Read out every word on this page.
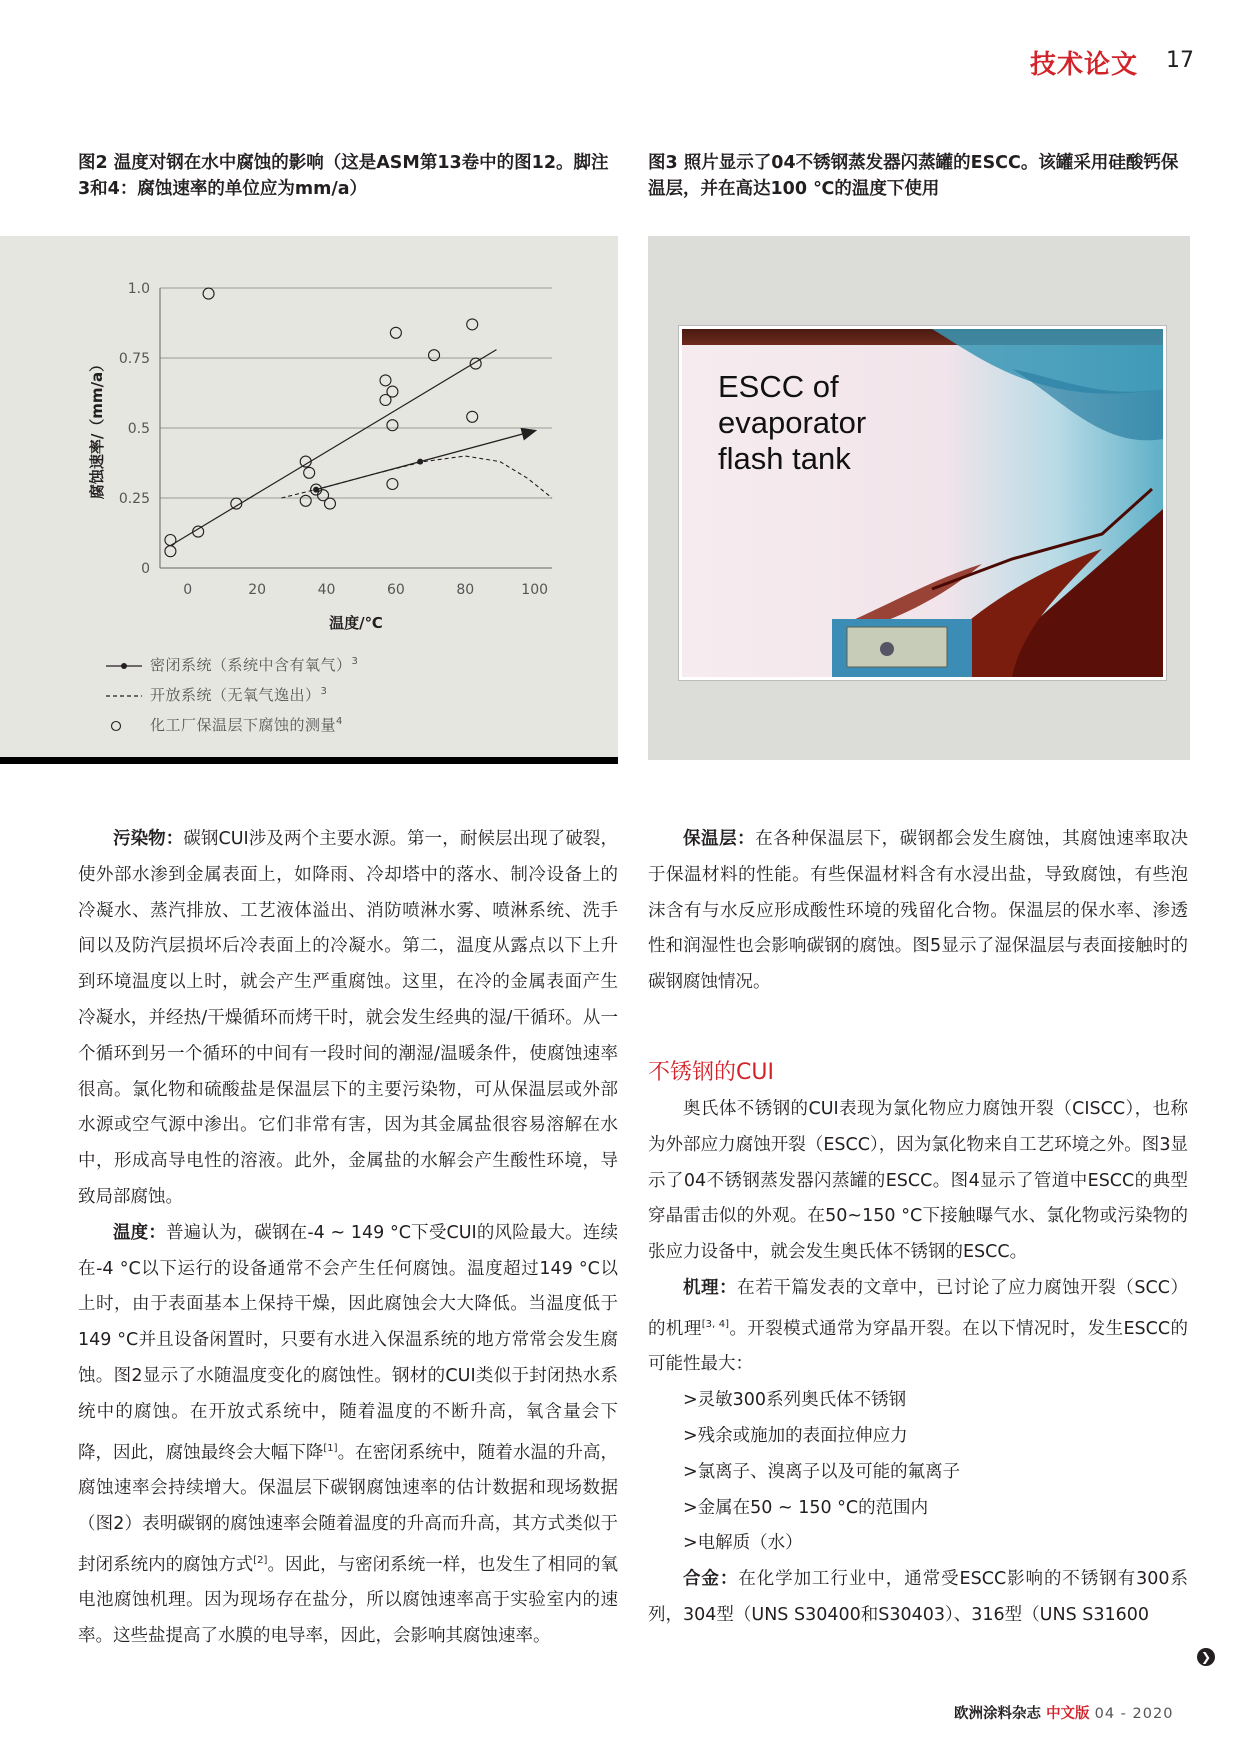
技术论文 17
图2 温度对钢在水中腐蚀的影响（这是ASM第13卷中的图12。脚注3和4：腐蚀速率的单位应为mm/a）
图3 照片显示了04不锈钢蒸发器闪蒸罐的ESCC。该罐采用硅酸钙保温层，并在高达100 ℃的温度下使用
0
0.25
0.5
0.75
1.0
0	20	40	60	80	100
温度/℃
腐蚀速率/（mm/a）
密闭系统（系统中含有氧气）$^3$
开放系统（无氧气逸出）$^3$
化工厂保温层下腐蚀的测量$^4$
ESCC of
evaporator
flash tank

污染物：碳钢CUI涉及两个主要水源。第一，耐候层出现了破裂，使外部水渗到金属表面上，如降雨、冷却塔中的落水、制冷设备上的冷凝水、蒸汽排放、工艺液体溢出、消防喷淋水雾、喷淋系统、洗手间以及防汽层损坏后冷表面上的冷凝水。第二，温度从露点以下上升到环境温度以上时，就会产生严重腐蚀。这里，在冷的金属表面产生冷凝水，并经热/干燥循环而烤干时，就会发生经典的湿/干循环。从一个循环到另一个循环的中间有一段时间的潮湿/温暖条件，使腐蚀速率很高。氯化物和硫酸盐是保温层下的主要污染物，可从保温层或外部水源或空气源中渗出。它们非常有害，因为其金属盐很容易溶解在水中，形成高导电性的溶液。此外，金属盐的水解会产生酸性环境，导致局部腐蚀。

温度：普遍认为，碳钢在-4 ~ 149 °C下受CUI的风险最大。连续在-4 °C以下运行的设备通常不会产生任何腐蚀。温度超过149 °C以上时，由于表面基本上保持干燥，因此腐蚀会大大降低。当温度低于149 °C并且设备闲置时，只要有水进入保温系统的地方常常会发生腐蚀。图2显示了水随温度变化的腐蚀性。钢材的CUI类似于封闭热水系统中的腐蚀。在开放式系统中，随着温度的不断升高，氧含量会下降，因此，腐蚀最终会大幅下降[1]。在密闭系统中，随着水温的升高，腐蚀速率会持续增大。保温层下碳钢腐蚀速率的估计数据和现场数据（图2）表明碳钢的腐蚀速率会随着温度的升高而升高，其方式类似于封闭系统内的腐蚀方式[2]。因此，与密闭系统一样，也发生了相同的氧电池腐蚀机理。因为现场存在盐分，所以腐蚀速率高于实验室内的速率。这些盐提高了水膜的电导率，因此，会影响其腐蚀速率。

保温层：在各种保温层下，碳钢都会发生腐蚀，其腐蚀速率取决于保温材料的性能。有些保温材料含有水浸出盐，导致腐蚀，有些泡沫含有与水反应形成酸性环境的残留化合物。保温层的保水率、渗透性和润湿性也会影响碳钢的腐蚀。图5显示了湿保温层与表面接触时的碳钢腐蚀情况。

不锈钢的CUI

奥氏体不锈钢的CUI表现为氯化物应力腐蚀开裂（CISCC），也称为外部应力腐蚀开裂（ESCC），因为氯化物来自工艺环境之外。图3显示了04不锈钢蒸发器闪蒸罐的ESCC。图4显示了管道中ESCC的典型穿晶雷击似的外观。在50~150 °C下接触曝气水、氯化物或污染物的张应力设备中，就会发生奥氏体不锈钢的ESCC。

机理：在若干篇发表的文章中，已讨论了应力腐蚀开裂（SCC）的机理[3, 4]。开裂模式通常为穿晶开裂。在以下情况时，发生ESCC的可能性最大：

>灵敏300系列奥氏体不锈钢
>残余或施加的表面拉伸应力
>氯离子、溴离子以及可能的氟离子
>金属在50 ~ 150 °C的范围内
>电解质（水）

合金：在化学加工行业中，通常受ESCC影响的不锈钢有300系列，304型（UNS S30400和S30403）、316型（UNS S31600

❯
欧洲涂料杂志 中文版 04 - 2020
